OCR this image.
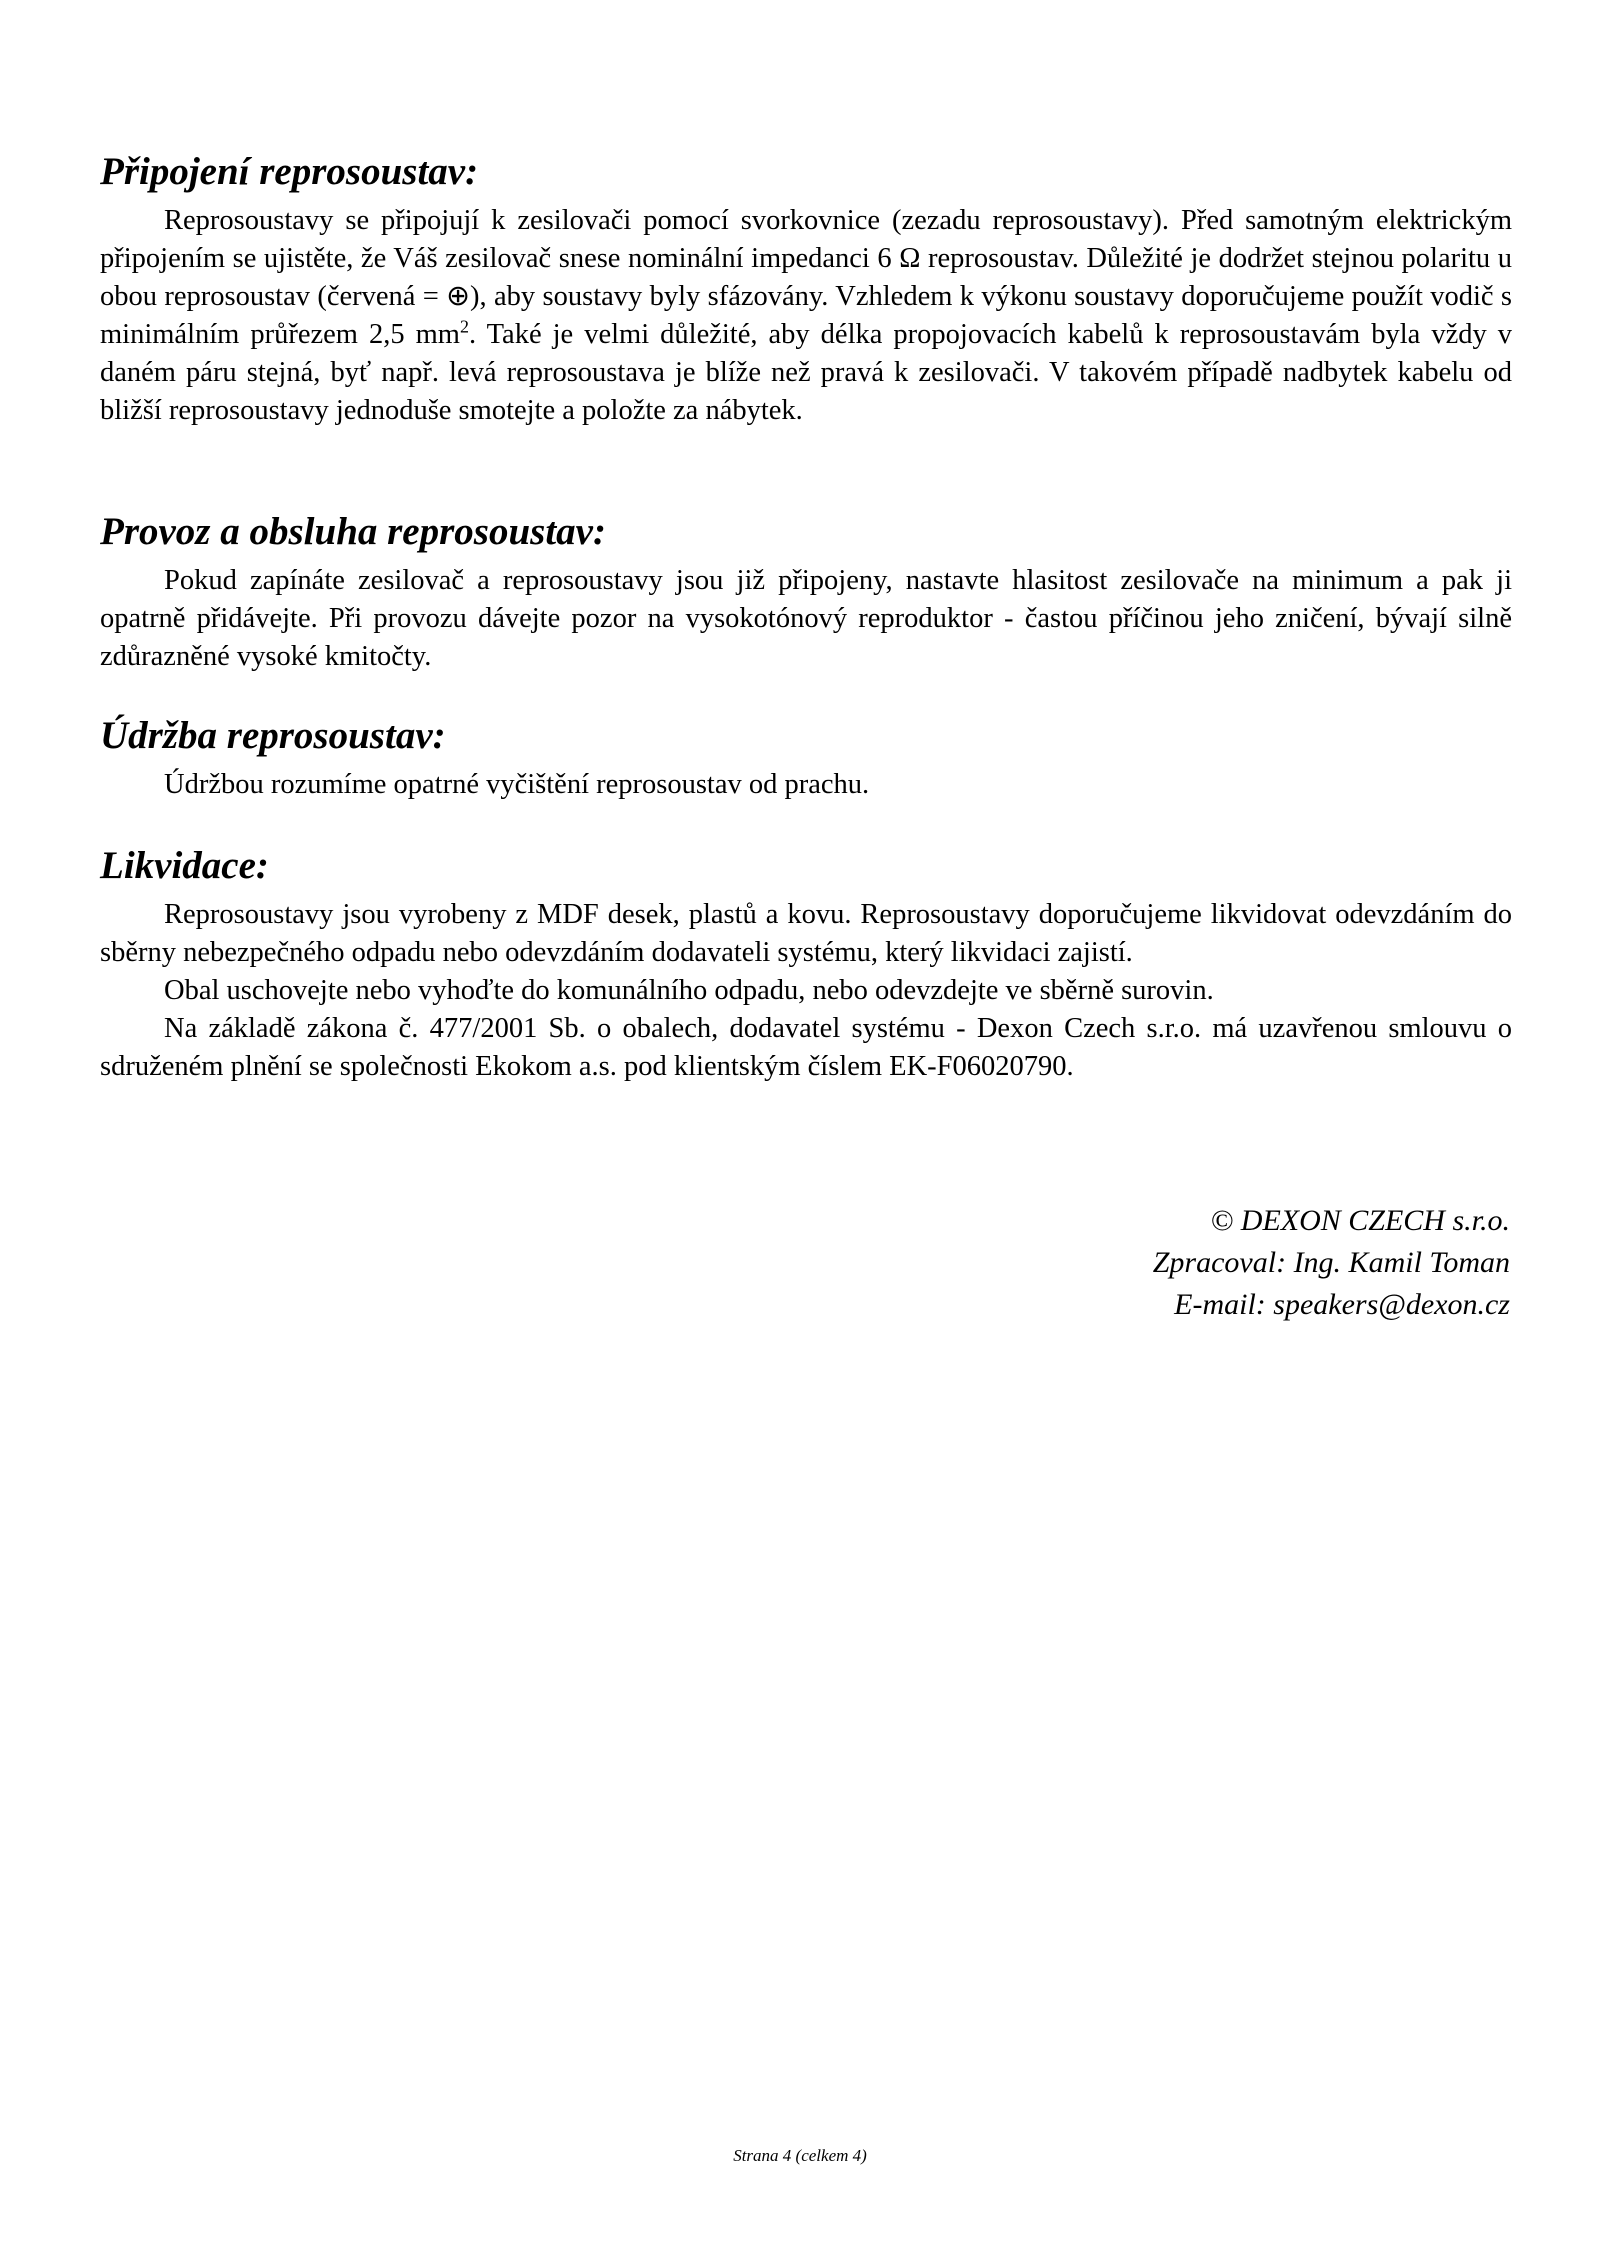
Připojení reprosoustav:

Reprosoustavy se připojují k zesilovači pomocí svorkovnice (zezadu reprosoustavy). Před samotným elektrickým připojením se ujistěte, že Váš zesilovač snese nominální impedanci 6 Ω reprosoustav. Důležité je dodržet stejnou polaritu u obou reprosoustav (červená = ⊕), aby soustavy byly sfázovány. Vzhledem k výkonu soustavy doporučujeme použít vodič s minimálním průřezem 2,5 $mm^2$. Také je velmi důležité, aby délka propojovacích kabelů k reprosoustavám byla vždy v daném páru stejná, byť např. levá reprosoustava je blíže než pravá k zesilovači. V takovém případě nadbytek kabelu od bližší reprosoustavy jednoduše smotejte a položte za nábytek.

Provoz a obsluha reprosoustav:

Pokud zapínáte zesilovač a reprosoustavy jsou již připojeny, nastavte hlasitost zesilovače na minimum a pak ji opatrně přidávejte. Při provozu dávejte pozor na vysokotónový reproduktor - častou příčinou jeho zničení, bývají silně zdůrazněné vysoké kmitočty.

Údržba reprosoustav:

Údržbou rozumíme opatrné vyčištění reprosoustav od prachu.

Likvidace:

Reprosoustavy jsou vyrobeny z MDF desek, plastů a kovu. Reprosoustavy doporučujeme likvidovat odevzdáním do sběrny nebezpečného odpadu nebo odevzdáním dodavateli systému, který likvidaci zajistí.

Obal uschovejte nebo vyhoďte do komunálního odpadu, nebo odevzdejte ve sběrně surovin.

Na základě zákona č. 477/2001 Sb. o obalech, dodavatel systému - Dexon Czech s.r.o. má uzavřenou smlouvu o sdruženém plnění se společnosti Ekokom a.s. pod klientským číslem EK-F06020790.

© DEXON CZECH s.r.o.
Zpracoval: Ing. Kamil Toman
E-mail: speakers@dexon.cz
Strana 4 (celkem 4)
